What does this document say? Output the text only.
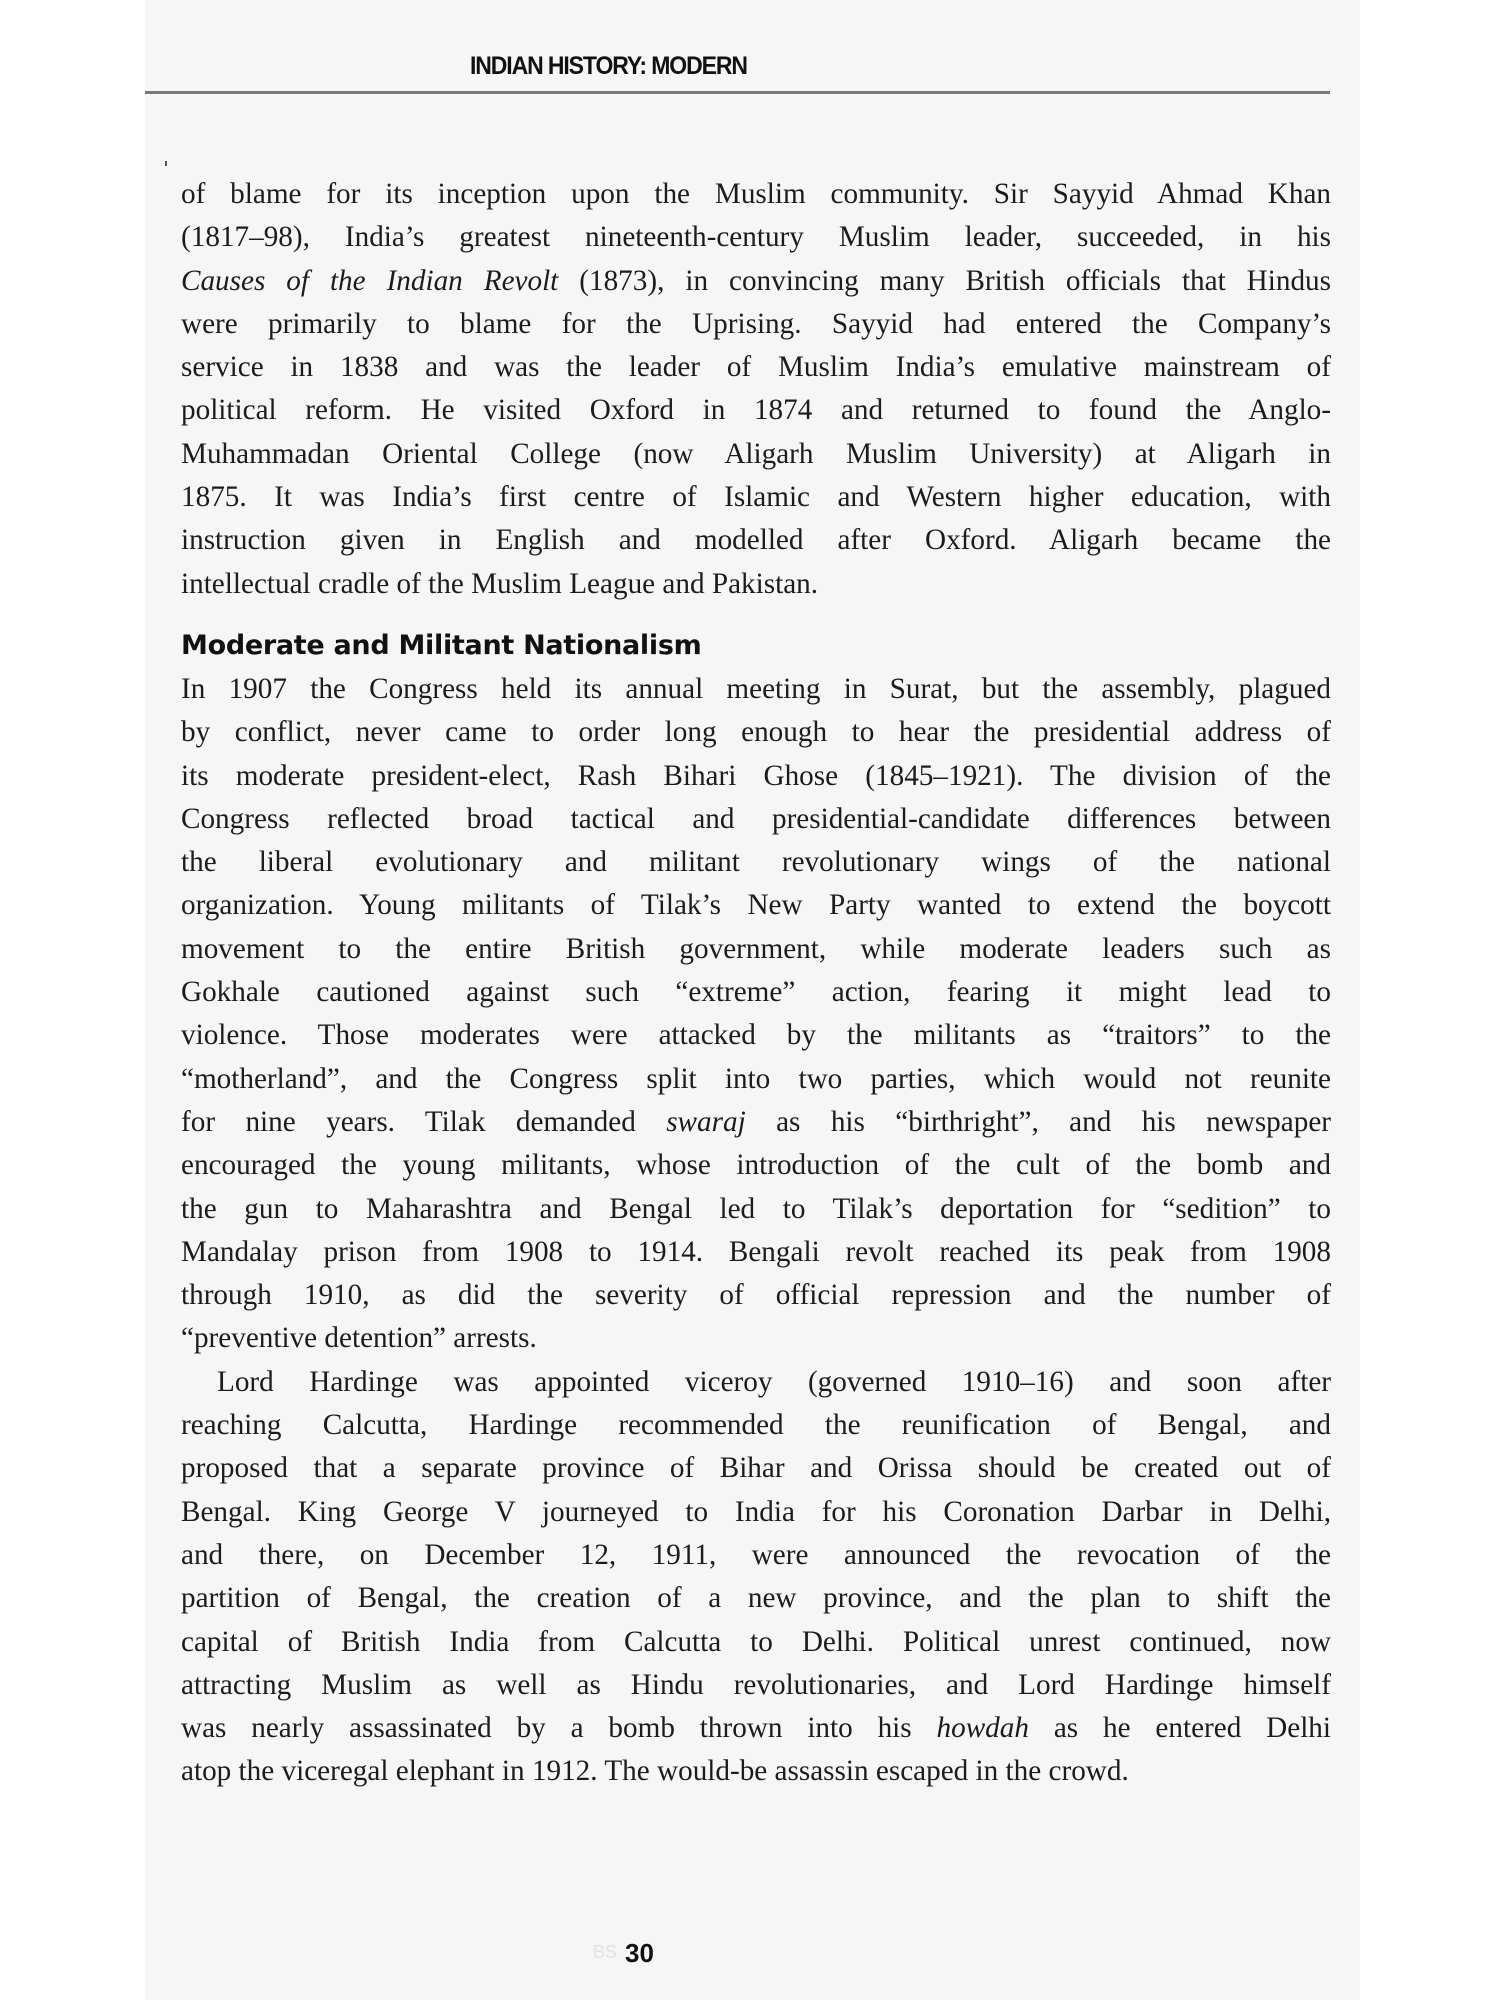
INDIAN HISTORY: MODERN
of blame for its inception upon the Muslim community. Sir Sayyid Ahmad Khan
(1817–98), India’s greatest nineteenth-century Muslim leader, succeeded, in his
Causes of the Indian Revolt (1873), in convincing many British officials that Hindus
were primarily to blame for the Uprising. Sayyid had entered the Company’s
service in 1838 and was the leader of Muslim India’s emulative mainstream of
political reform. He visited Oxford in 1874 and returned to found the Anglo-
Muhammadan Oriental College (now Aligarh Muslim University) at Aligarh in
1875. It was India’s first centre of Islamic and Western higher education, with
instruction given in English and modelled after Oxford. Aligarh became the
intellectual cradle of the Muslim League and Pakistan.
Moderate and Militant Nationalism
In 1907 the Congress held its annual meeting in Surat, but the assembly, plagued
by conflict, never came to order long enough to hear the presidential address of
its moderate president-elect, Rash Bihari Ghose (1845–1921). The division of the
Congress reflected broad tactical and presidential-candidate differences between
the liberal evolutionary and militant revolutionary wings of the national
organization. Young militants of Tilak’s New Party wanted to extend the boycott
movement to the entire British government, while moderate leaders such as
Gokhale cautioned against such “extreme” action, fearing it might lead to
violence. Those moderates were attacked by the militants as “traitors” to the
“motherland”, and the Congress split into two parties, which would not reunite
for nine years. Tilak demanded swaraj as his “birthright”, and his newspaper
encouraged the young militants, whose introduction of the cult of the bomb and
the gun to Maharashtra and Bengal led to Tilak’s deportation for “sedition” to
Mandalay prison from 1908 to 1914. Bengali revolt reached its peak from 1908
through 1910, as did the severity of official repression and the number of
“preventive detention” arrests.
Lord Hardinge was appointed viceroy (governed 1910–16) and soon after
reaching Calcutta, Hardinge recommended the reunification of Bengal, and
proposed that a separate province of Bihar and Orissa should be created out of
Bengal. King George V journeyed to India for his Coronation Darbar in Delhi,
and there, on December 12, 1911, were announced the revocation of the
partition of Bengal, the creation of a new province, and the plan to shift the
capital of British India from Calcutta to Delhi. Political unrest continued, now
attracting Muslim as well as Hindu revolutionaries, and Lord Hardinge himself
was nearly assassinated by a bomb thrown into his howdah as he entered Delhi
atop the viceregal elephant in 1912. The would-be assassin escaped in the crowd.
BS 30
